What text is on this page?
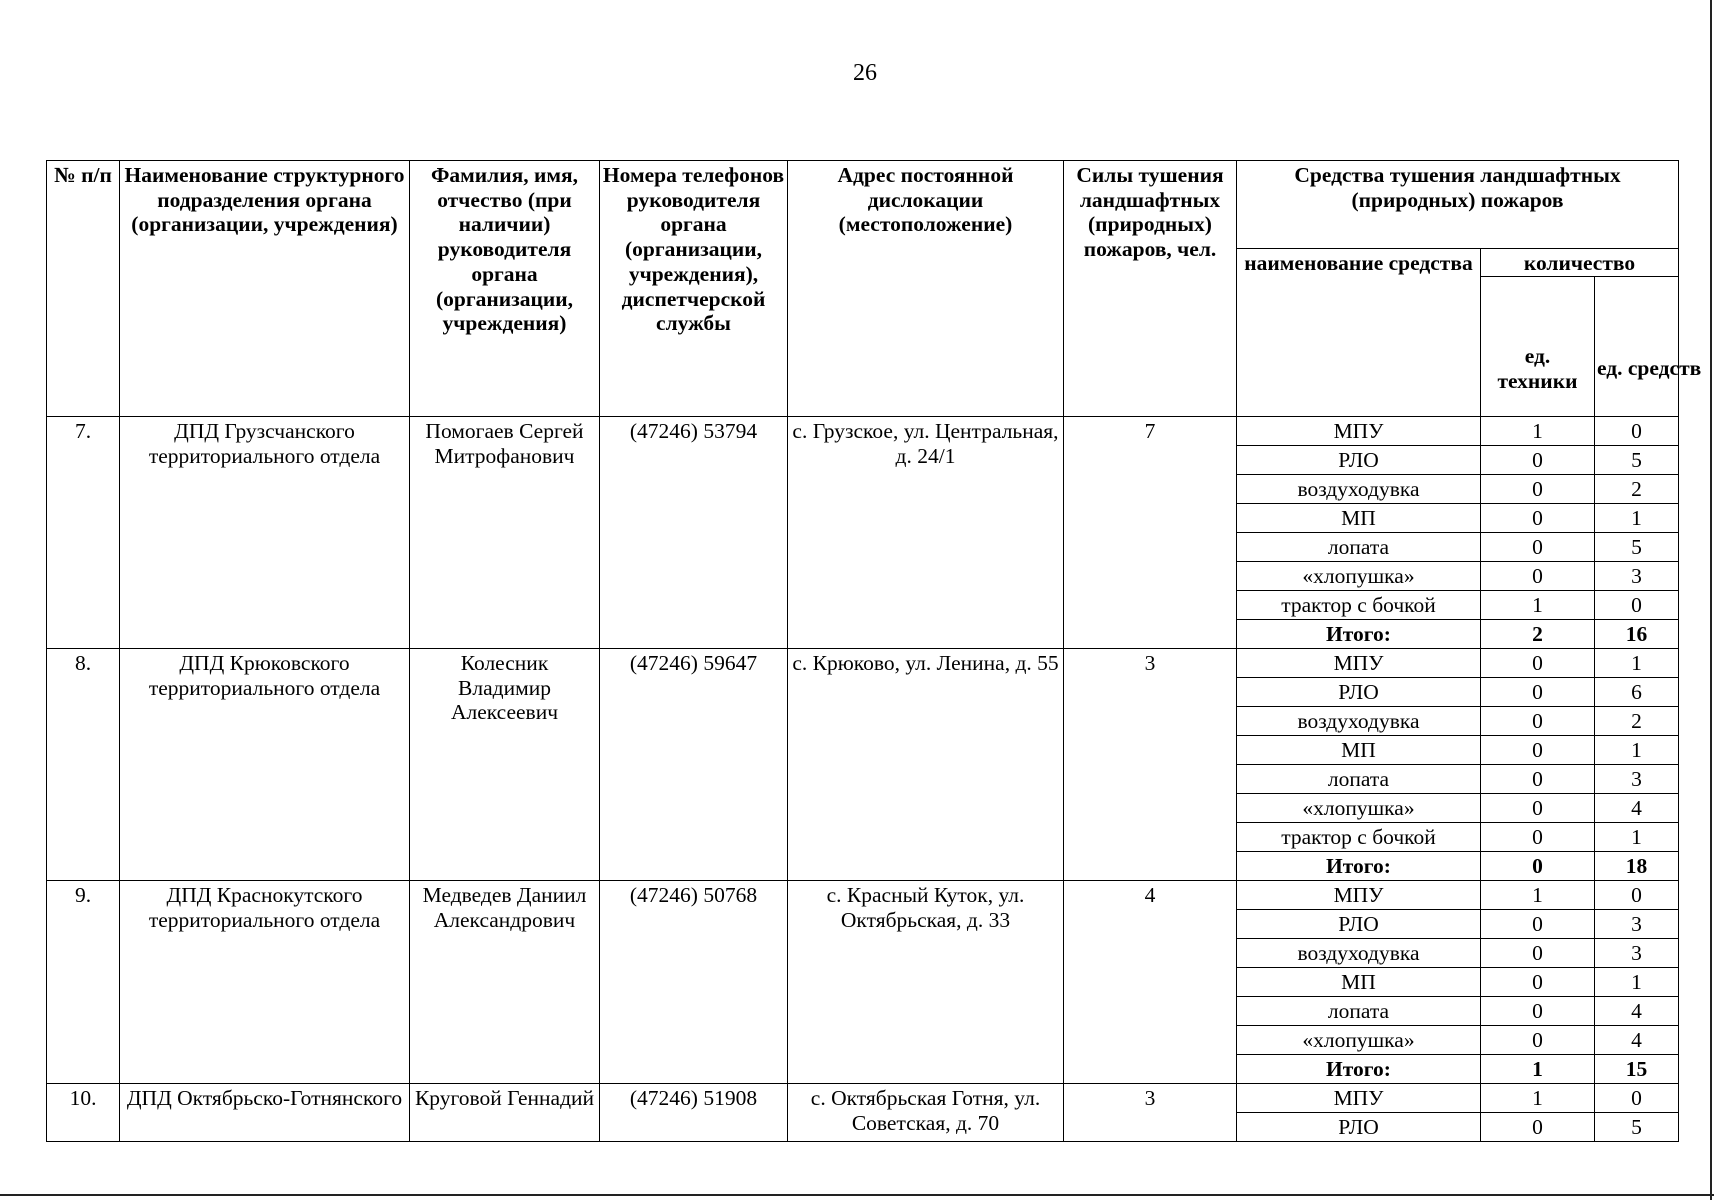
26
№ п/п	Наименование структурного подразделения органа (организации, учреждения)	Фамилия, имя, отчество (при наличии) руководителя органа (организации, учреждения)	Номера телефонов руководителя органа (организации, учреждения), диспетчерской службы	Адрес постоянной дислокации (местоположение)	Силы тушения ландшафтных (природных) пожаров, чел.	Средства тушения ландшафтных (природных) пожаров		
						наименование средства	количество	
							ед. техники	ед. средств
7.	ДПД Грузсчанского территориального отдела	Помогаев Сергей Митрофанович	(47246) 53794	с. Грузское, ул. Центральная, д. 24/1	7	МПУ	1	0
						РЛО	0	5
						воздуходувка	0	2
						МП	0	1
						лопата	0	5
						«хлопушка»	0	3
						трактор с бочкой	1	0
						Итого:	2	16
8.	ДПД Крюковского территориального отдела	Колесник Владимир Алексеевич	(47246) 59647	с. Крюково, ул. Ленина, д. 55	3	МПУ	0	1
						РЛО	0	6
						воздуходувка	0	2
						МП	0	1
						лопата	0	3
						«хлопушка»	0	4
						трактор с бочкой	0	1
						Итого:	0	18
9.	ДПД Краснокутского территориального отдела	Медведев Даниил Александрович	(47246) 50768	с. Красный Куток, ул. Октябрьская, д. 33	4	МПУ	1	0
						РЛО	0	3
						воздуходувка	0	3
						МП	0	1
						лопата	0	4
						«хлопушка»	0	4
						Итого:	1	15
10.	ДПД Октябрьско-Готнянского	Круговой Геннадий	(47246) 51908	с. Октябрьская Готня, ул. Советская, д. 70	3	МПУ	1	0
						РЛО	0	5
